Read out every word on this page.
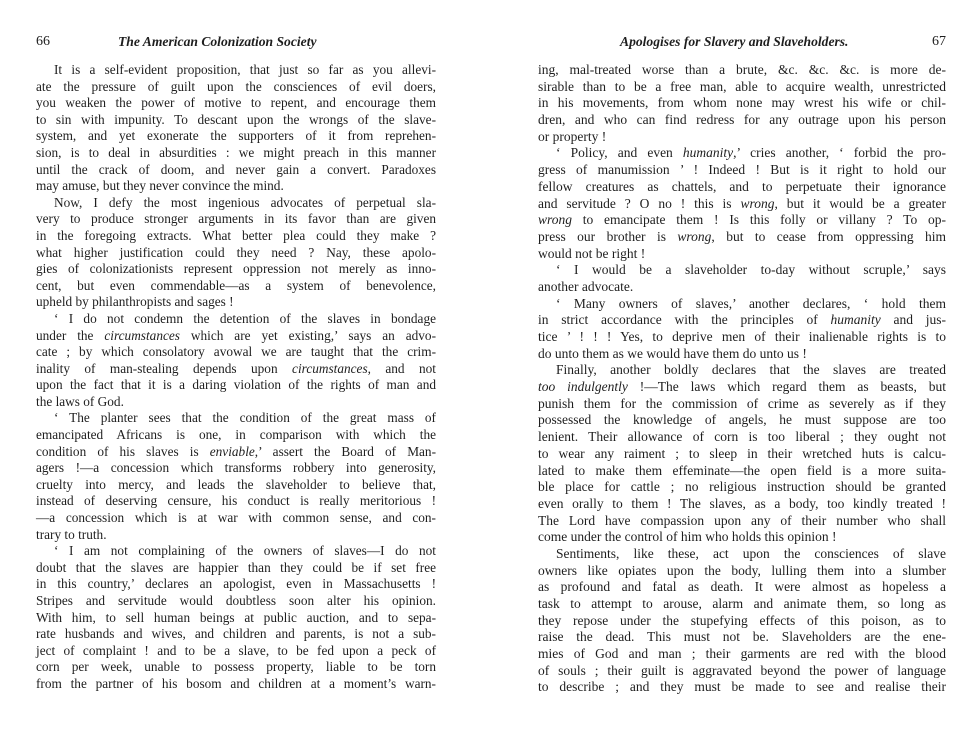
66	The American Colonization Society
It is a self-evident proposition, that just so far as you allevi-
ate the pressure of guilt upon the consciences of evil doers,
you weaken the power of motive to repent, and encourage them
to sin with impunity. To descant upon the wrongs of the slave-
system, and yet exonerate the supporters of it from reprehen-
sion, is to deal in absurdities : we might preach in this manner
until the crack of doom, and never gain a convert. Paradoxes
may amuse, but they never convince the mind.
Now, I defy the most ingenious advocates of perpetual sla-
very to produce stronger arguments in its favor than are given
in the foregoing extracts. What better plea could they make ?
what higher justification could they need ? Nay, these apolo-
gies of colonizationists represent oppression not merely as inno-
cent, but even commendable—as a system of benevolence,
upheld by philanthropists and sages !
‘ I do not condemn the detention of the slaves in bondage
under the circumstances which are yet existing,’ says an advo-
cate ; by which consolatory avowal we are taught that the crim-
inality of man-stealing depends upon circumstances, and not
upon the fact that it is a daring violation of the rights of man and
the laws of God.
‘ The planter sees that the condition of the great mass of
emancipated Africans is one, in comparison with which the
condition of his slaves is enviable,’ assert the Board of Man-
agers !—a concession which transforms robbery into generosity,
cruelty into mercy, and leads the slaveholder to believe that,
instead of deserving censure, his conduct is really meritorious !
—a concession which is at war with common sense, and con-
trary to truth.
‘ I am not complaining of the owners of slaves—I do not
doubt that the slaves are happier than they could be if set free
in this country,’ declares an apologist, even in Massachusetts !
Stripes and servitude would doubtless soon alter his opinion.
With him, to sell human beings at public auction, and to sepa-
rate husbands and wives, and children and parents, is not a sub-
ject of complaint ! and to be a slave, to be fed upon a peck of
corn per week, unable to possess property, liable to be torn
from the partner of his bosom and children at a moment’s warn-
Apologises for Slavery and Slaveholders.	67
ing, mal-treated worse than a brute, &c. &c. &c. is more de-
sirable than to be a free man, able to acquire wealth, unrestricted
in his movements, from whom none may wrest his wife or chil-
dren, and who can find redress for any outrage upon his person
or property !
‘ Policy, and even humanity,’ cries another, ‘ forbid the pro-
gress of manumission ’ ! Indeed ! But is it right to hold our
fellow creatures as chattels, and to perpetuate their ignorance
and servitude ? O no ! this is wrong, but it would be a greater
wrong to emancipate them ! Is this folly or villany ? To op-
press our brother is wrong, but to cease from oppressing him
would not be right !
‘ I would be a slaveholder to-day without scruple,’ says
another advocate.
‘ Many owners of slaves,’ another declares, ‘ hold them
in strict accordance with the principles of humanity and jus-
tice ’ ! ! ! Yes, to deprive men of their inalienable rights is to
do unto them as we would have them do unto us !
Finally, another boldly declares that the slaves are treated
too indulgently !—The laws which regard them as beasts, but
punish them for the commission of crime as severely as if they
possessed the knowledge of angels, he must suppose are too
lenient. Their allowance of corn is too liberal ; they ought not
to wear any raiment ; to sleep in their wretched huts is calcu-
lated to make them effeminate—the open field is a more suita-
ble place for cattle ; no religious instruction should be granted
even orally to them ! The slaves, as a body, too kindly treated !
The Lord have compassion upon any of their number who shall
come under the control of him who holds this opinion !
Sentiments, like these, act upon the consciences of slave
owners like opiates upon the body, lulling them into a slumber
as profound and fatal as death. It were almost as hopeless a
task to attempt to arouse, alarm and animate them, so long as
they repose under the stupefying effects of this poison, as to
raise the dead. This must not be. Slaveholders are the ene-
mies of God and man ; their garments are red with the blood
of souls ; their guilt is aggravated beyond the power of language
to describe ; and they must be made to see and realise their
